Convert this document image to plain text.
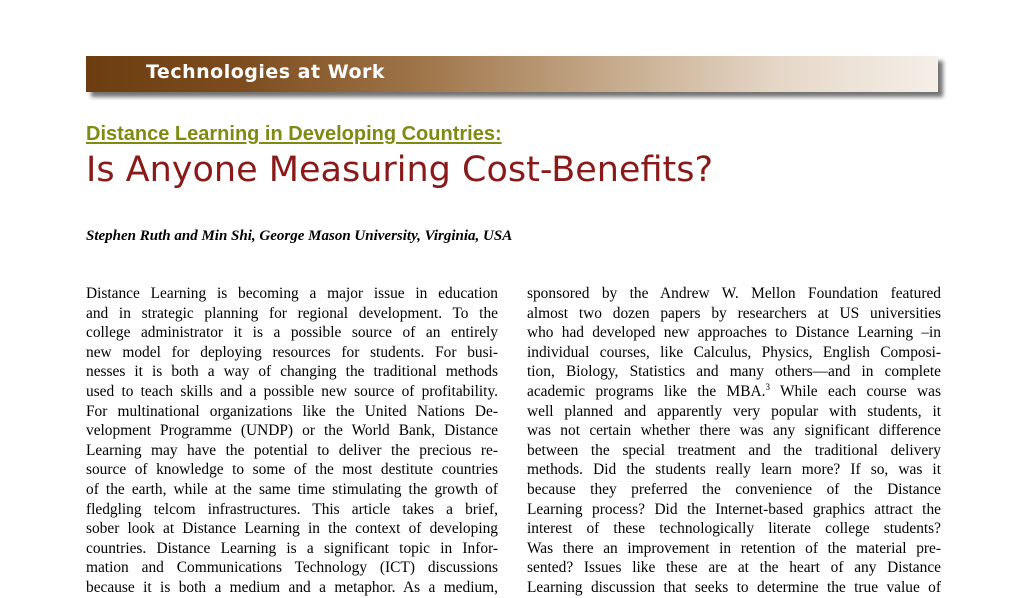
Technologies at Work
Distance Learning in Developing Countries:
Is Anyone Measuring Cost-Benefits?
Stephen Ruth and Min Shi, George Mason University, Virginia, USA
Distance Learning is becoming a major issue in education
and in strategic planning for regional development. To the
college administrator it is a possible source of an entirely
new model for deploying resources for students. For busi-
nesses it is both a way of changing the traditional methods
used to teach skills and a possible new source of profitability.
For multinational organizations like the United Nations De-
velopment Programme (UNDP) or the World Bank, Distance
Learning may have the potential to deliver the precious re-
source of knowledge to some of the most destitute countries
of the earth, while at the same time stimulating the growth of
fledgling telcom infrastructures. This article takes a brief,
sober look at Distance Learning in the context of developing
countries. Distance Learning is a significant topic in Infor-
mation and Communications Technology (ICT) discussions
because it is both a medium and a metaphor. As a medium,
sponsored by the Andrew W. Mellon Foundation featured
almost two dozen papers by researchers at US universities
who had developed new approaches to Distance Learning –in
individual courses, like Calculus, Physics, English Composi-
tion, Biology, Statistics and many others—and in complete
academic programs like the MBA.$^3$ While each course was
well planned and apparently very popular with students, it
was not certain whether there was any significant difference
between the special treatment and the traditional delivery
methods. Did the students really learn more? If so, was it
because they preferred the convenience of the Distance
Learning process? Did the Internet-based graphics attract the
interest of these technologically literate college students?
Was there an improvement in retention of the material pre-
sented? Issues like these are at the heart of any Distance
Learning discussion that seeks to determine the true value of
